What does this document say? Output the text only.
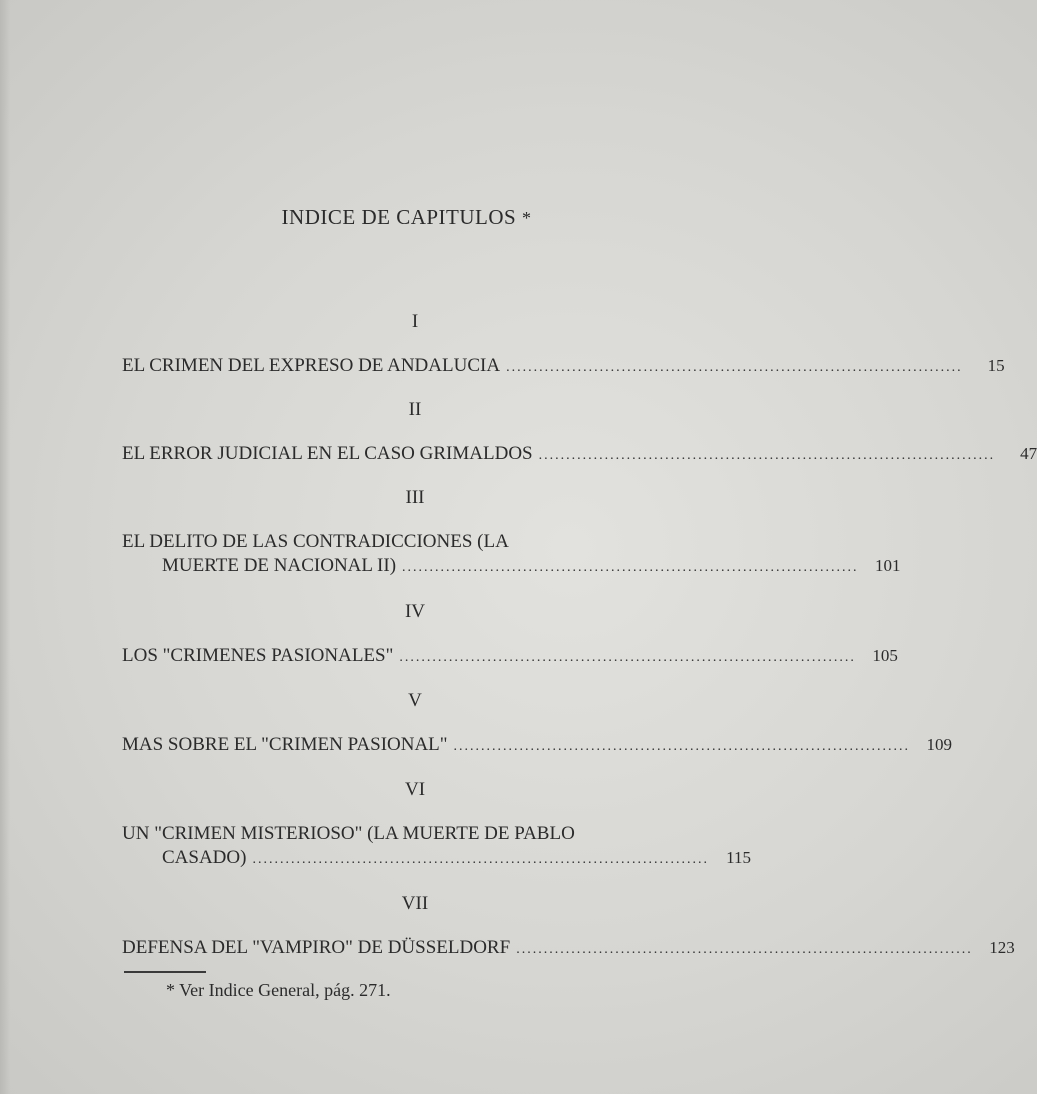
INDICE DE CAPITULOS *
I
EL CRIMEN DEL EXPRESO DE ANDALUCIA ...................................................................................	15
II
EL ERROR JUDICIAL EN EL CASO GRIMALDOS ...................................................................................	47
III
EL DELITO DE LAS CONTRADICCIONES (LA
MUERTE DE NACIONAL II) ................................................................................... 101
IV
LOS "CRIMENES PASIONALES" ................................................................................... 105
V
MAS SOBRE EL "CRIMEN PASIONAL" ................................................................................... 109
VI
UN "CRIMEN MISTERIOSO" (LA MUERTE DE PABLO
CASADO) ...................................................................................	115
VII
DEFENSA DEL "VAMPIRO" DE DÜSSELDORF ................................................................................... 123
* Ver Indice General, pág. 271.
